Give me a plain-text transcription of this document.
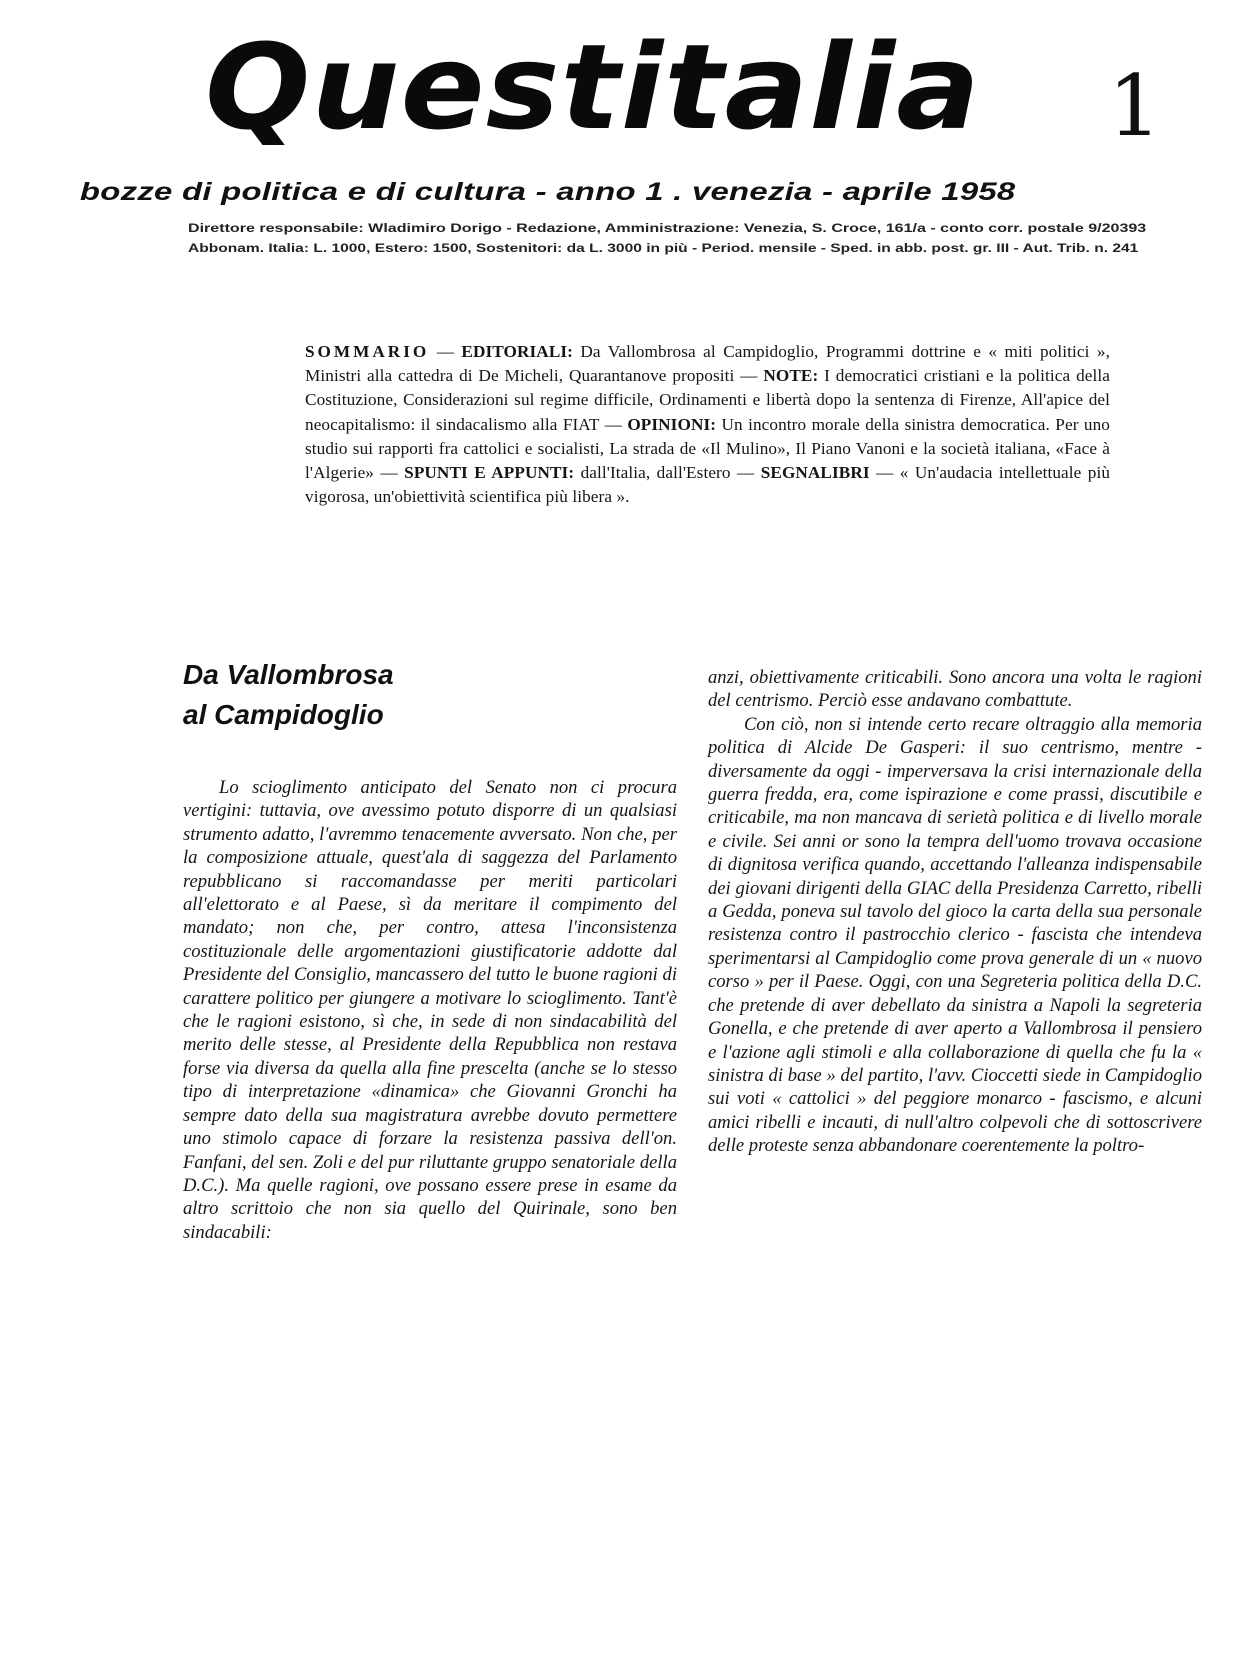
Questitalia 1
bozze di politica e di cultura - anno 1 . venezia - aprile 1958
Direttore responsabile: Wladimiro Dorigo - Redazione, Amministrazione: Venezia, S. Croce, 161/a - conto corr. postale 9/20393
Abbonam. Italia: L. 1000, Estero: 1500, Sostenitori: da L. 3000 in più - Period. mensile - Sped. in abb. post. gr. III - Aut. Trib. n. 241
SOMMARIO — EDITORIALI: Da Vallombrosa al Campidoglio, Programmi dottrine e « miti politici », Ministri alla cattedra di De Micheli, Quarantanove propositi — NOTE: I democratici cristiani e la politica della Costituzione, Considerazioni sul regime difficile, Ordinamenti e libertà dopo la sentenza di Firenze, All'apice del neocapitalismo: il sindacalismo alla FIAT — OPINIONI: Un incontro morale della sinistra democratica. Per uno studio sui rapporti fra cattolici e socialisti, La strada de «Il Mulino», Il Piano Vanoni e la società italiana, «Face à l'Algerie» — SPUNTI E APPUNTI: dall'Italia, dall'Estero — SEGNALIBRI — « Un'audacia intellettuale più vigorosa, un'obiettività scientifica più libera ».
Da Vallombrosa
al Campidoglio
Lo scioglimento anticipato del Senato non ci procura vertigini: tuttavia, ove avessimo potuto disporre di un qualsiasi strumento adatto, l'avremmo tenacemente avversato. Non che, per la composizione attuale, quest'ala di saggezza del Parlamento repubblicano si raccomandasse per meriti particolari all'elettorato e al Paese, sì da meritare il compimento del mandato; non che, per contro, attesa l'inconsistenza costituzionale delle argomentazioni giustificatorie addotte dal Presidente del Consiglio, mancassero del tutto le buone ragioni di carattere politico per giungere a motivare lo scioglimento. Tant'è che le ragioni esistono, sì che, in sede di non sindacabilità del merito delle stesse, al Presidente della Repubblica non restava forse via diversa da quella alla fine prescelta (anche se lo stesso tipo di interpretazione «dinamica» che Giovanni Gronchi ha sempre dato della sua magistratura avrebbe dovuto permettere uno stimolo capace di forzare la resistenza passiva dell'on. Fanfani, del sen. Zoli e del pur riluttante gruppo senatoriale della D.C.). Ma quelle ragioni, ove possano essere prese in esame da altro scrittoio che non sia quello del Quirinale, sono ben sindacabili:
anzi, obiettivamente criticabili. Sono ancora una volta le ragioni del centrismo. Perciò esse andavano combattute.
Con ciò, non si intende certo recare oltraggio alla memoria politica di Alcide De Gasperi: il suo centrismo, mentre - diversamente da oggi - imperversava la crisi internazionale della guerra fredda, era, come ispirazione e come prassi, discutibile e criticabile, ma non mancava di serietà politica e di livello morale e civile. Sei anni or sono la tempra dell'uomo trovava occasione di dignitosa verifica quando, accettando l'alleanza indispensabile dei giovani dirigenti della GIAC della Presidenza Carretto, ribelli a Gedda, poneva sul tavolo del gioco la carta della sua personale resistenza contro il pastrocchio clerico - fascista che intendeva sperimentarsi al Campidoglio come prova generale di un « nuovo corso » per il Paese. Oggi, con una Segreteria politica della D.C. che pretende di aver debellato da sinistra a Napoli la segreteria Gonella, e che pretende di aver aperto a Vallombrosa il pensiero e l'azione agli stimoli e alla collaborazione di quella che fu la « sinistra di base » del partito, l'avv. Cioccetti siede in Campidoglio sui voti « cattolici » del peggiore monarco - fascismo, e alcuni amici ribelli e incauti, di null'altro colpevoli che di sottoscrivere delle proteste senza abbandonare coerentemente la poltro-
